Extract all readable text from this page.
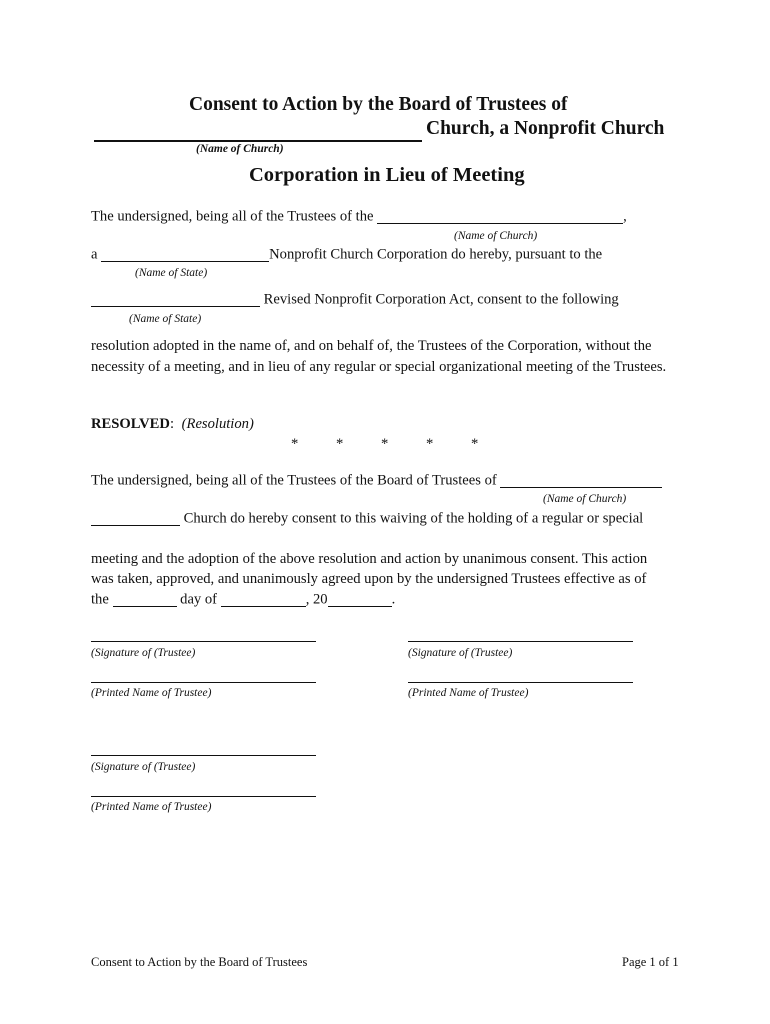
Consent to Action by the Board of Trustees of
Church, a Nonprofit Church
(Name of Church)
Corporation in Lieu of Meeting
The undersigned, being all of the Trustees of the	,
(Name of Church)
a	Nonprofit Church Corporation do hereby, pursuant to the
(Name of State)
Revised Nonprofit Corporation Act, consent to the following
(Name of State)
resolution adopted in the name of, and on behalf of, the Trustees of the Corporation, without the necessity of a meeting, and in lieu of any regular or special organizational meeting of the Trustees.
RESOLVED: (Resolution)
*	*	*	*	*
The undersigned, being all of the Trustees of the Board of Trustees of
(Name of Church)
Church do hereby consent to this waiving of the holding of a regular or special
meeting and the adoption of the above resolution and action by unanimous consent. This action
was taken, approved, and unanimously agreed upon by the undersigned Trustees effective as of
the	day of	, 20	.
(Signature of (Trustee)
(Printed Name of Trustee)
(Signature of (Trustee)
(Printed Name of Trustee)
(Signature of (Trustee)
(Printed Name of Trustee)
Consent to Action by the Board of Trustees	Page 1 of 1
